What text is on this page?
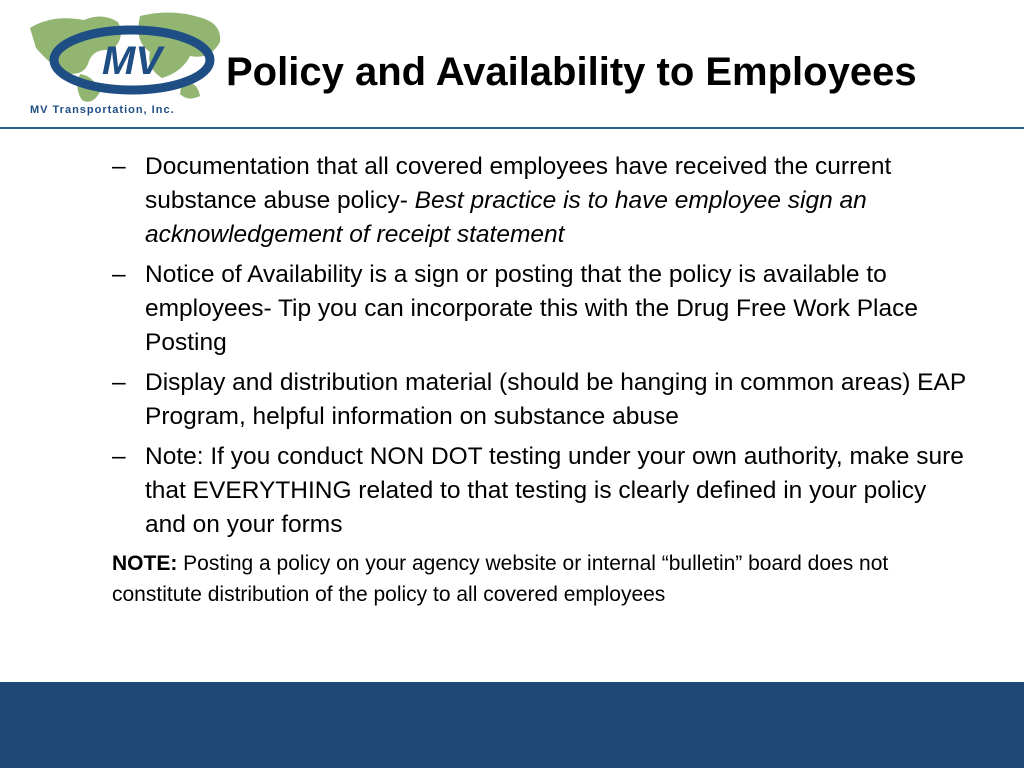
MV
MV Transportation, Inc.
Policy and Availability to Employees
– Documentation that all covered employees have received the current substance abuse policy- Best practice is to have employee sign an acknowledgement of receipt statement
– Notice of Availability is a sign or posting that the policy is available to employees- Tip you can incorporate this with the Drug Free Work Place Posting
– Display and distribution material (should be hanging in common areas) EAP Program, helpful information on substance abuse
– Note: If you conduct NON DOT testing under your own authority, make sure that EVERYTHING related to that testing is clearly defined in your policy and on your forms
NOTE: Posting a policy on your agency website or internal “bulletin” board does not constitute distribution of the policy to all covered employees
